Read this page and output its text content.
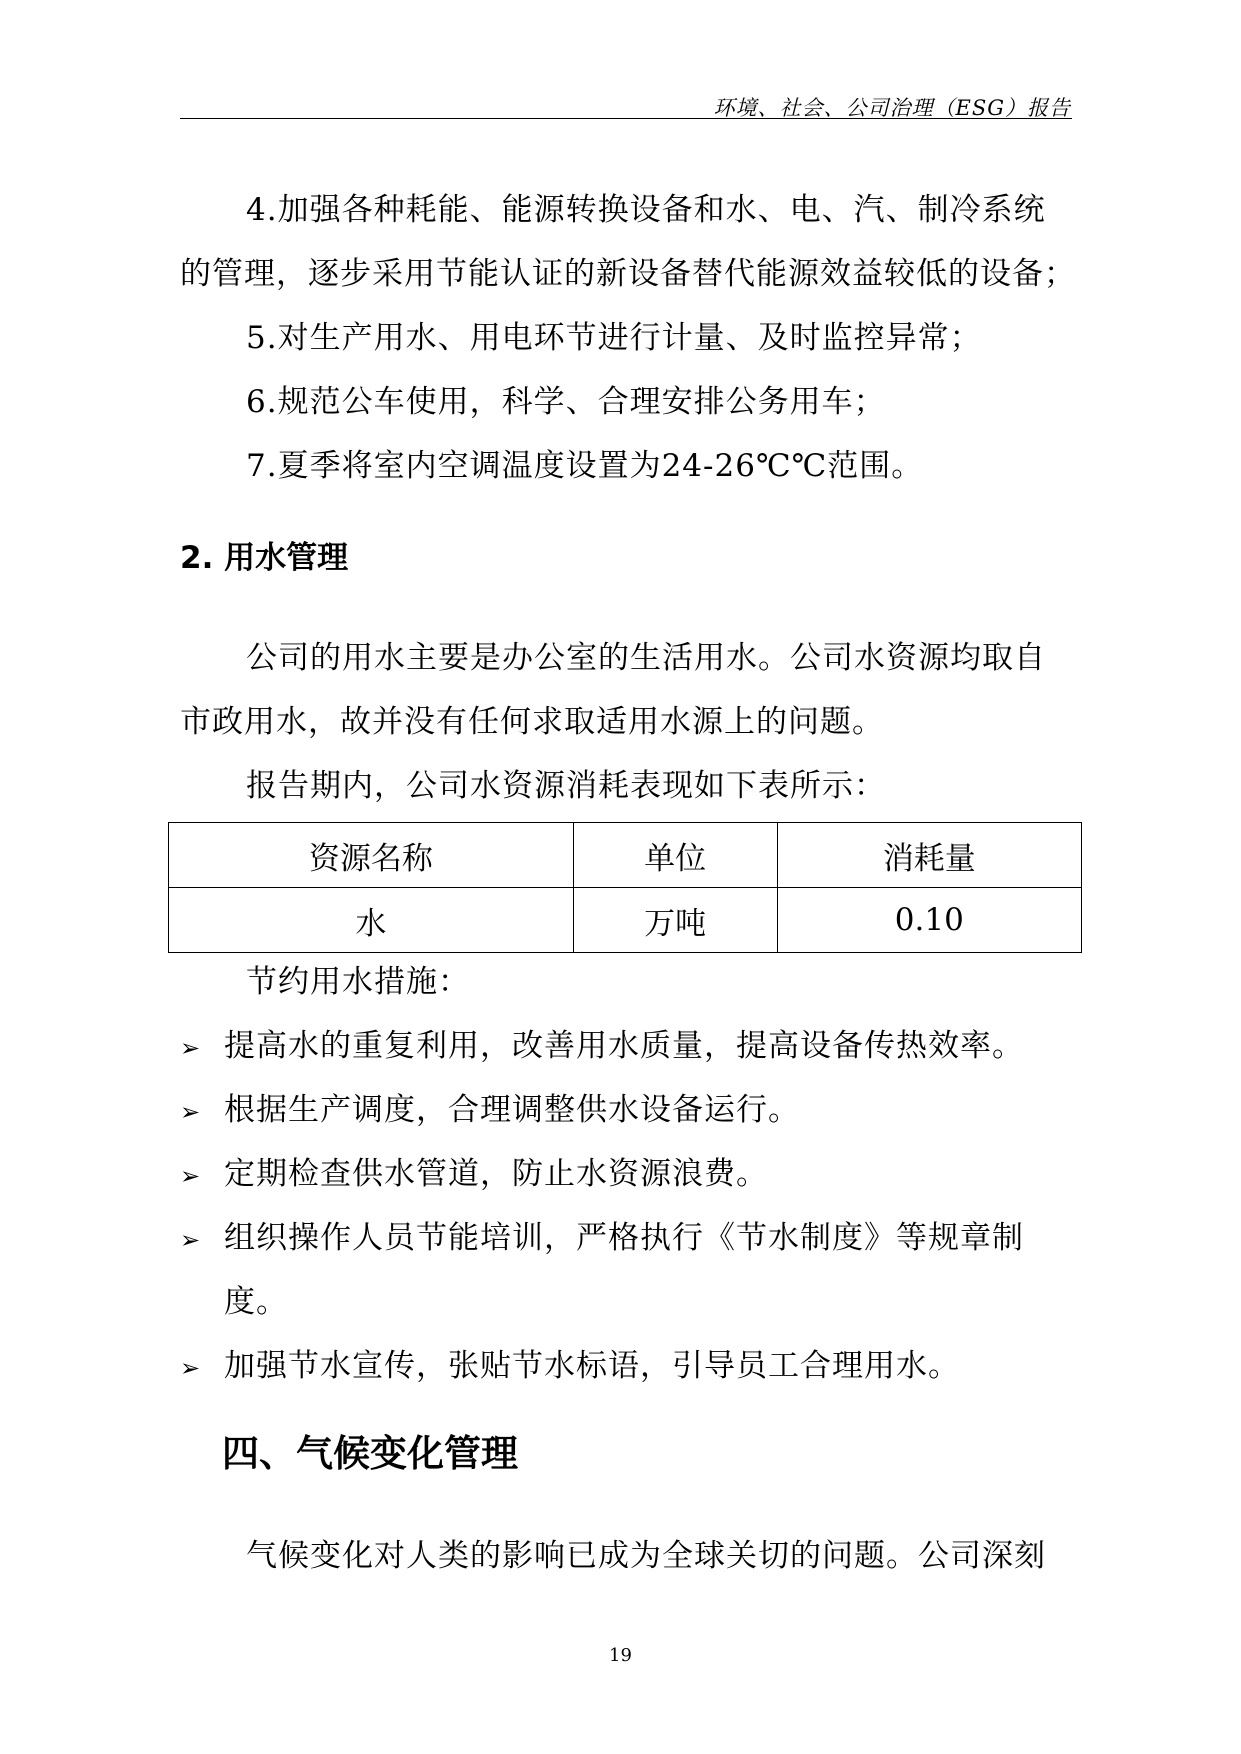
环境、社会、公司治理（ESG）报告
4.加强各种耗能、能源转换设备和水、电、汽、制冷系统
的管理，逐步采用节能认证的新设备替代能源效益较低的设备；
5.对生产用水、用电环节进行计量、及时监控异常；
6.规范公车使用，科学、合理安排公务用车；
7.夏季将室内空调温度设置为24-26℃℃范围。
2. 用水管理
公司的用水主要是办公室的生活用水。公司水资源均取自
市政用水，故并没有任何求取适用水源上的问题。
报告期内，公司水资源消耗表现如下表所示：
资源名称	单位	消耗量
水	万吨	0.10
节约用水措施：
➢ 提高水的重复利用，改善用水质量，提高设备传热效率。
➢ 根据生产调度，合理调整供水设备运行。
➢ 定期检查供水管道，防止水资源浪费。
➢ 组织操作人员节能培训，严格执行《节水制度》等规章制
度。
➢ 加强节水宣传，张贴节水标语，引导员工合理用水。
四、气候变化管理
气候变化对人类的影响已成为全球关切的问题。公司深刻
19
